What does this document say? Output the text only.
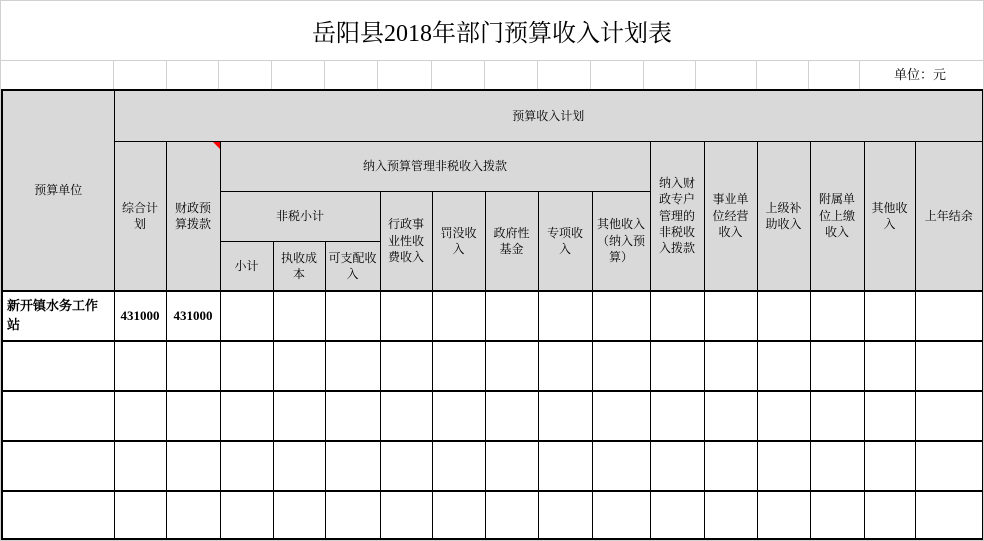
岳阳县2018年部门预算收入计划表
单位：元
预算单位	预算收入计划															
	综合计划	财政预算拨款	纳入预算管理非税收入拨款								纳入财政专户管理的非税收入拨款	事业单位经营收入	上级补助收入	附属单位上缴收入	其他收入	上年结余
			非税小计			行政事业性收费收入	罚没收入	政府性基金	专项收入	其他收入（纳入预算）						
			小计	执收成本	可支配收入											
新开镇水务工作站	431000	431000														
